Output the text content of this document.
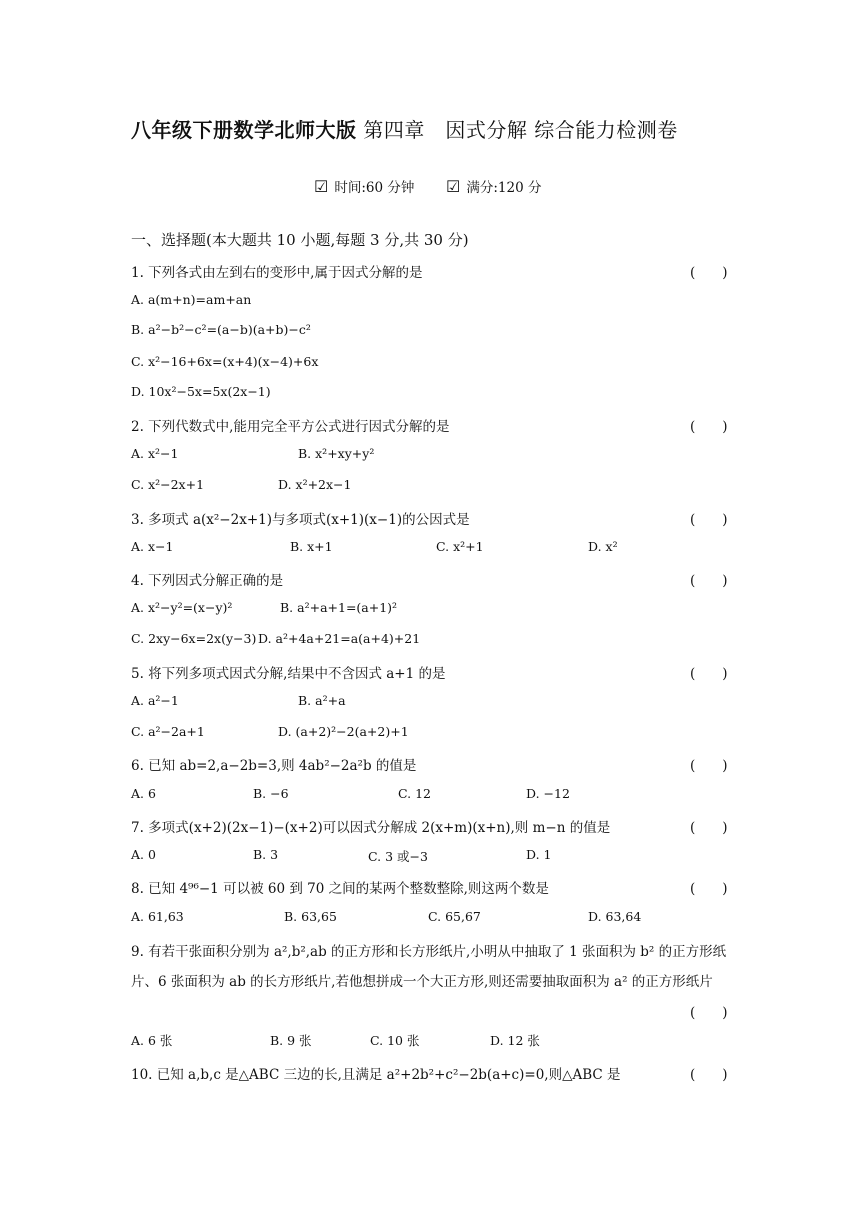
八年级下册数学北师大版 第四章　因式分解 综合能力检测卷
☑ 时间:60 分钟 ☑ 满分:120 分
一、选择题(本大题共 10 小题,每题 3 分,共 30 分)
1. 下列各式由左到右的变形中,属于因式分解的是	(　　)
A. a(m+n)=am+an
B. a²−b²−c²=(a−b)(a+b)−c²
C. x²−16+6x=(x+4)(x−4)+6x
D. 10x²−5x=5x(2x−1)
2. 下列代数式中,能用完全平方公式进行因式分解的是	(　　)
A. x²−1	B. x²+xy+y²
C. x²−2x+1	D. x²+2x−1
3. 多项式 a(x²−2x+1)与多项式(x+1)(x−1)的公因式是	(　　)
A. x−1	B. x+1	C. x²+1	D. x²
4. 下列因式分解正确的是	(　　)
A. x²−y²=(x−y)²	B. a²+a+1=(a+1)²
C. 2xy−6x=2x(y−3) D. a²+4a+21=a(a+4)+21
5. 将下列多项式因式分解,结果中不含因式 a+1 的是	(　　)
A. a²−1	B. a²+a
C. a²−2a+1	D. (a+2)²−2(a+2)+1
6. 已知 ab=2,a−2b=3,则 4ab²−2a²b 的值是	(　　)
A. 6	B. −6	C. 12	D. −12
7. 多项式(x+2)(2x−1)−(x+2)可以因式分解成 2(x+m)(x+n),则 m−n 的值是	(　　)
A. 0	B. 3	C. 3 或−3	D. 1
8. 已知 4⁹⁶−1 可以被 60 到 70 之间的某两个整数整除,则这两个数是	(　　)
A. 61,63	B. 63,65	C. 65,67	D. 63,64
9. 有若干张面积分别为 a²,b²,ab 的正方形和长方形纸片,小明从中抽取了 1 张面积为 b² 的正方形纸
片、6 张面积为 ab 的长方形纸片,若他想拼成一个大正方形,则还需要抽取面积为 a² 的正方形纸片
(　　)
A. 6 张	B. 9 张	C. 10 张	D. 12 张
10. 已知 a,b,c 是△ABC 三边的长,且满足 a²+2b²+c²−2b(a+c)=0,则△ABC 是	(　　)
